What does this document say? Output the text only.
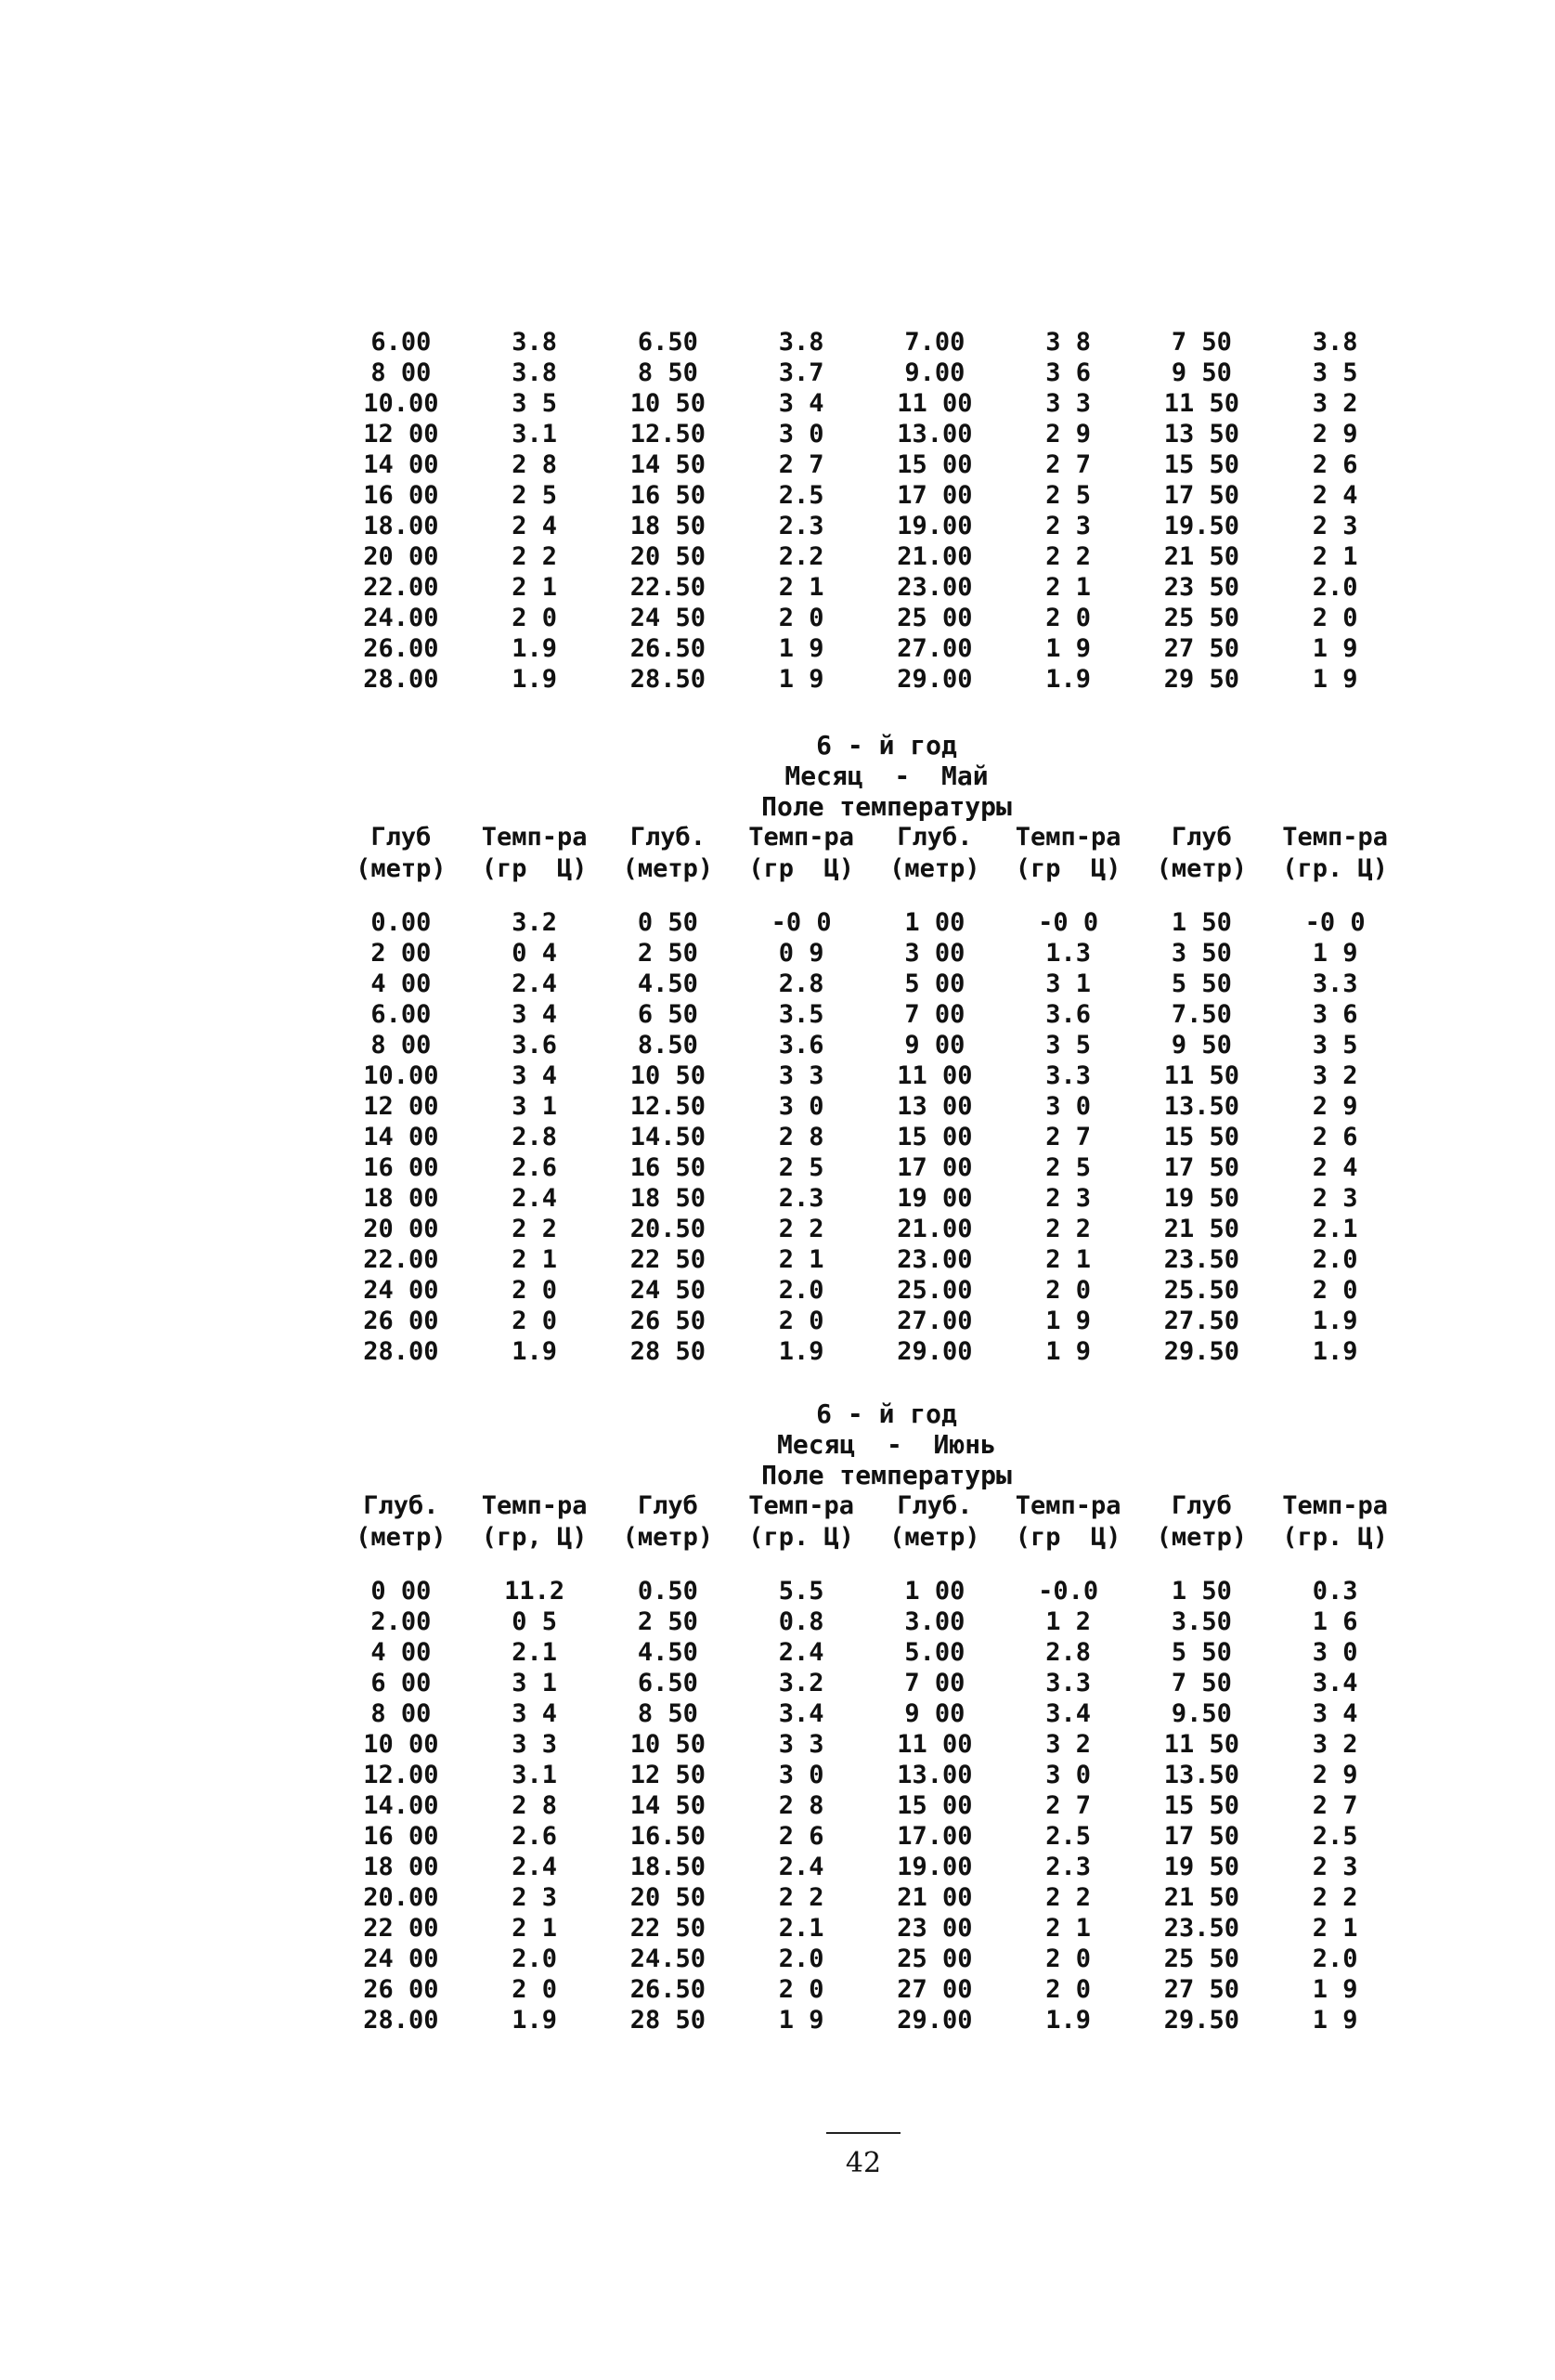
6.00	3.8	6.50	3.8	7.00	3 8	7 50	3.8
8 00	3.8	8 50	3.7	9.00	3 6	9 50	3 5
10.00	3 5	10 50	3 4	11 00	3 3	11 50	3 2
12 00	3.1	12.50	3 0	13.00	2 9	13 50	2 9
14 00	2 8	14 50	2 7	15 00	2 7	15 50	2 6
16 00	2 5	16 50	2.5	17 00	2 5	17 50	2 4
18.00	2 4	18 50	2.3	19.00	2 3	19.50	2 3
20 00	2 2	20 50	2.2	21.00	2 2	21 50	2 1
22.00	2 1	22.50	2 1	23.00	2 1	23 50	2.0
24.00	2 0	24 50	2 0	25 00	2 0	25 50	2 0
26.00	1.9	26.50	1 9	27.00	1 9	27 50	1 9
28.00	1.9	28.50	1 9	29.00	1.9	29 50	1 9
6 - й год
Месяц  -  Май
Поле температуры
Глуб	Темп-ра	Глуб.	Темп-ра	Глуб.	Темп-ра	Глуб	Темп-ра
(метр)	(гр  Ц)	(метр)	(гр  Ц)	(метр)	(гр  Ц)	(метр)	(гр. Ц)
0.00	3.2	0 50	-0 0	1 00	-0 0	1 50	-0 0
2 00	0 4	2 50	0 9	3 00	1.3	3 50	1 9
4 00	2.4	4.50	2.8	5 00	3 1	5 50	3.3
6.00	3 4	6 50	3.5	7 00	3.6	7.50	3 6
8 00	3.6	8.50	3.6	9 00	3 5	9 50	3 5
10.00	3 4	10 50	3 3	11 00	3.3	11 50	3 2
12 00	3 1	12.50	3 0	13 00	3 0	13.50	2 9
14 00	2.8	14.50	2 8	15 00	2 7	15 50	2 6
16 00	2.6	16 50	2 5	17 00	2 5	17 50	2 4
18 00	2.4	18 50	2.3	19 00	2 3	19 50	2 3
20 00	2 2	20.50	2 2	21.00	2 2	21 50	2.1
22.00	2 1	22 50	2 1	23.00	2 1	23.50	2.0
24 00	2 0	24 50	2.0	25.00	2 0	25.50	2 0
26 00	2 0	26 50	2 0	27.00	1 9	27.50	1.9
28.00	1.9	28 50	1.9	29.00	1 9	29.50	1.9
6 - й год
Месяц  -  Июнь
Поле температуры
Глуб.	Темп-ра	Глуб	Темп-ра	Глуб.	Темп-ра	Глуб	Темп-ра
(метр)	(гр, Ц)	(метр)	(гр. Ц)	(метр)	(гр  Ц)	(метр)	(гр. Ц)
0 00	11.2	0.50	5.5	1 00	-0.0	1 50	0.3
2.00	0 5	2 50	0.8	3.00	1 2	3.50	1 6
4 00	2.1	4.50	2.4	5.00	2.8	5 50	3 0
6 00	3 1	6.50	3.2	7 00	3.3	7 50	3.4
8 00	3 4	8 50	3.4	9 00	3.4	9.50	3 4
10 00	3 3	10 50	3 3	11 00	3 2	11 50	3 2
12.00	3.1	12 50	3 0	13.00	3 0	13.50	2 9
14.00	2 8	14 50	2 8	15 00	2 7	15 50	2 7
16 00	2.6	16.50	2 6	17.00	2.5	17 50	2.5
18 00	2.4	18.50	2.4	19.00	2.3	19 50	2 3
20.00	2 3	20 50	2 2	21 00	2 2	21 50	2 2
22 00	2 1	22 50	2.1	23 00	2 1	23.50	2 1
24 00	2.0	24.50	2.0	25 00	2 0	25 50	2.0
26 00	2 0	26.50	2 0	27 00	2 0	27 50	1 9
28.00	1.9	28 50	1 9	29.00	1.9	29.50	1 9
42
